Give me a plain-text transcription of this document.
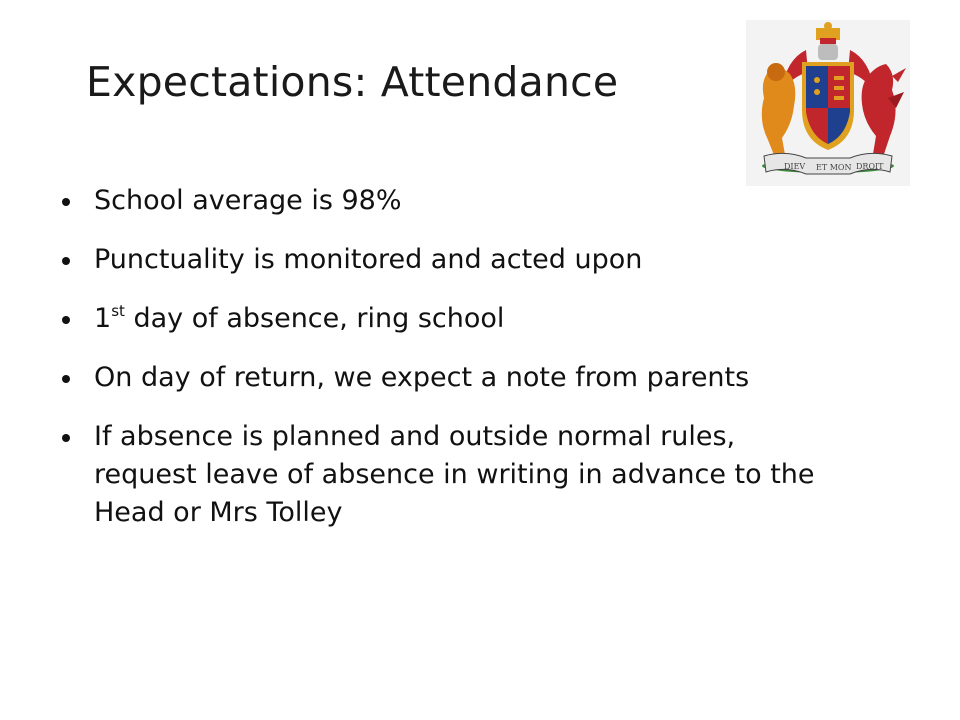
Expectations: Attendance
DIEV ET MON DROIT
School average is 98%
Punctuality is monitored and acted upon
1st day of absence, ring school
On day of return, we expect a note from parents
If absence is planned and outside normal rules, request leave of absence in writing in advance to the Head or Mrs Tolley
